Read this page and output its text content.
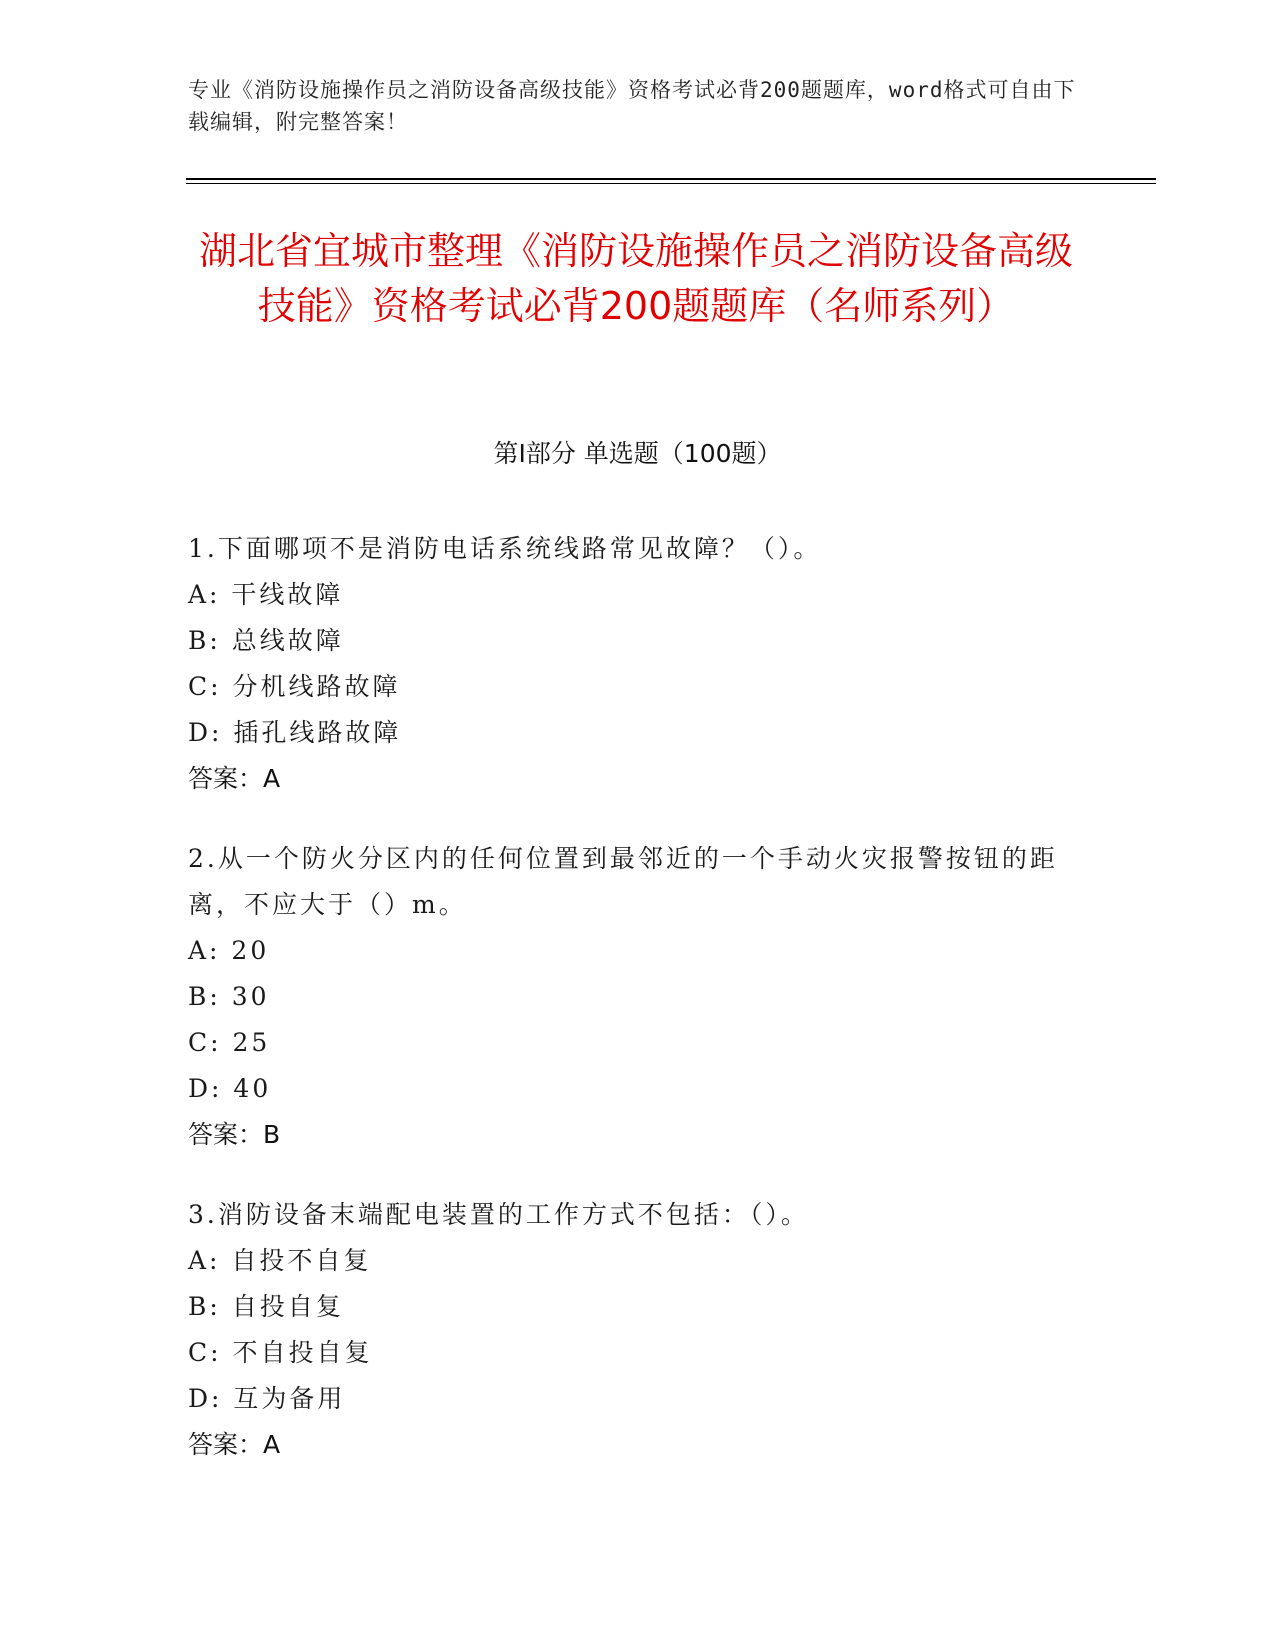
专业《消防设施操作员之消防设备高级技能》资格考试必背200题题库，word格式可自由下载编辑，附完整答案！
湖北省宜城市整理《消防设施操作员之消防设备高级技能》资格考试必背200题题库（名师系列）
第I部分 单选题（100题）
1.下面哪项不是消防电话系统线路常见故障？（）。
A: 干线故障
B: 总线故障
C: 分机线路故障
D: 插孔线路故障
答案：A
2.从一个防火分区内的任何位置到最邻近的一个手动火灾报警按钮的距离，不应大于（）m。
A: 20
B: 30
C: 25
D: 40
答案：B
3.消防设备末端配电装置的工作方式不包括：（）。
A: 自投不自复
B: 自投自复
C: 不自投自复
D: 互为备用
答案：A
